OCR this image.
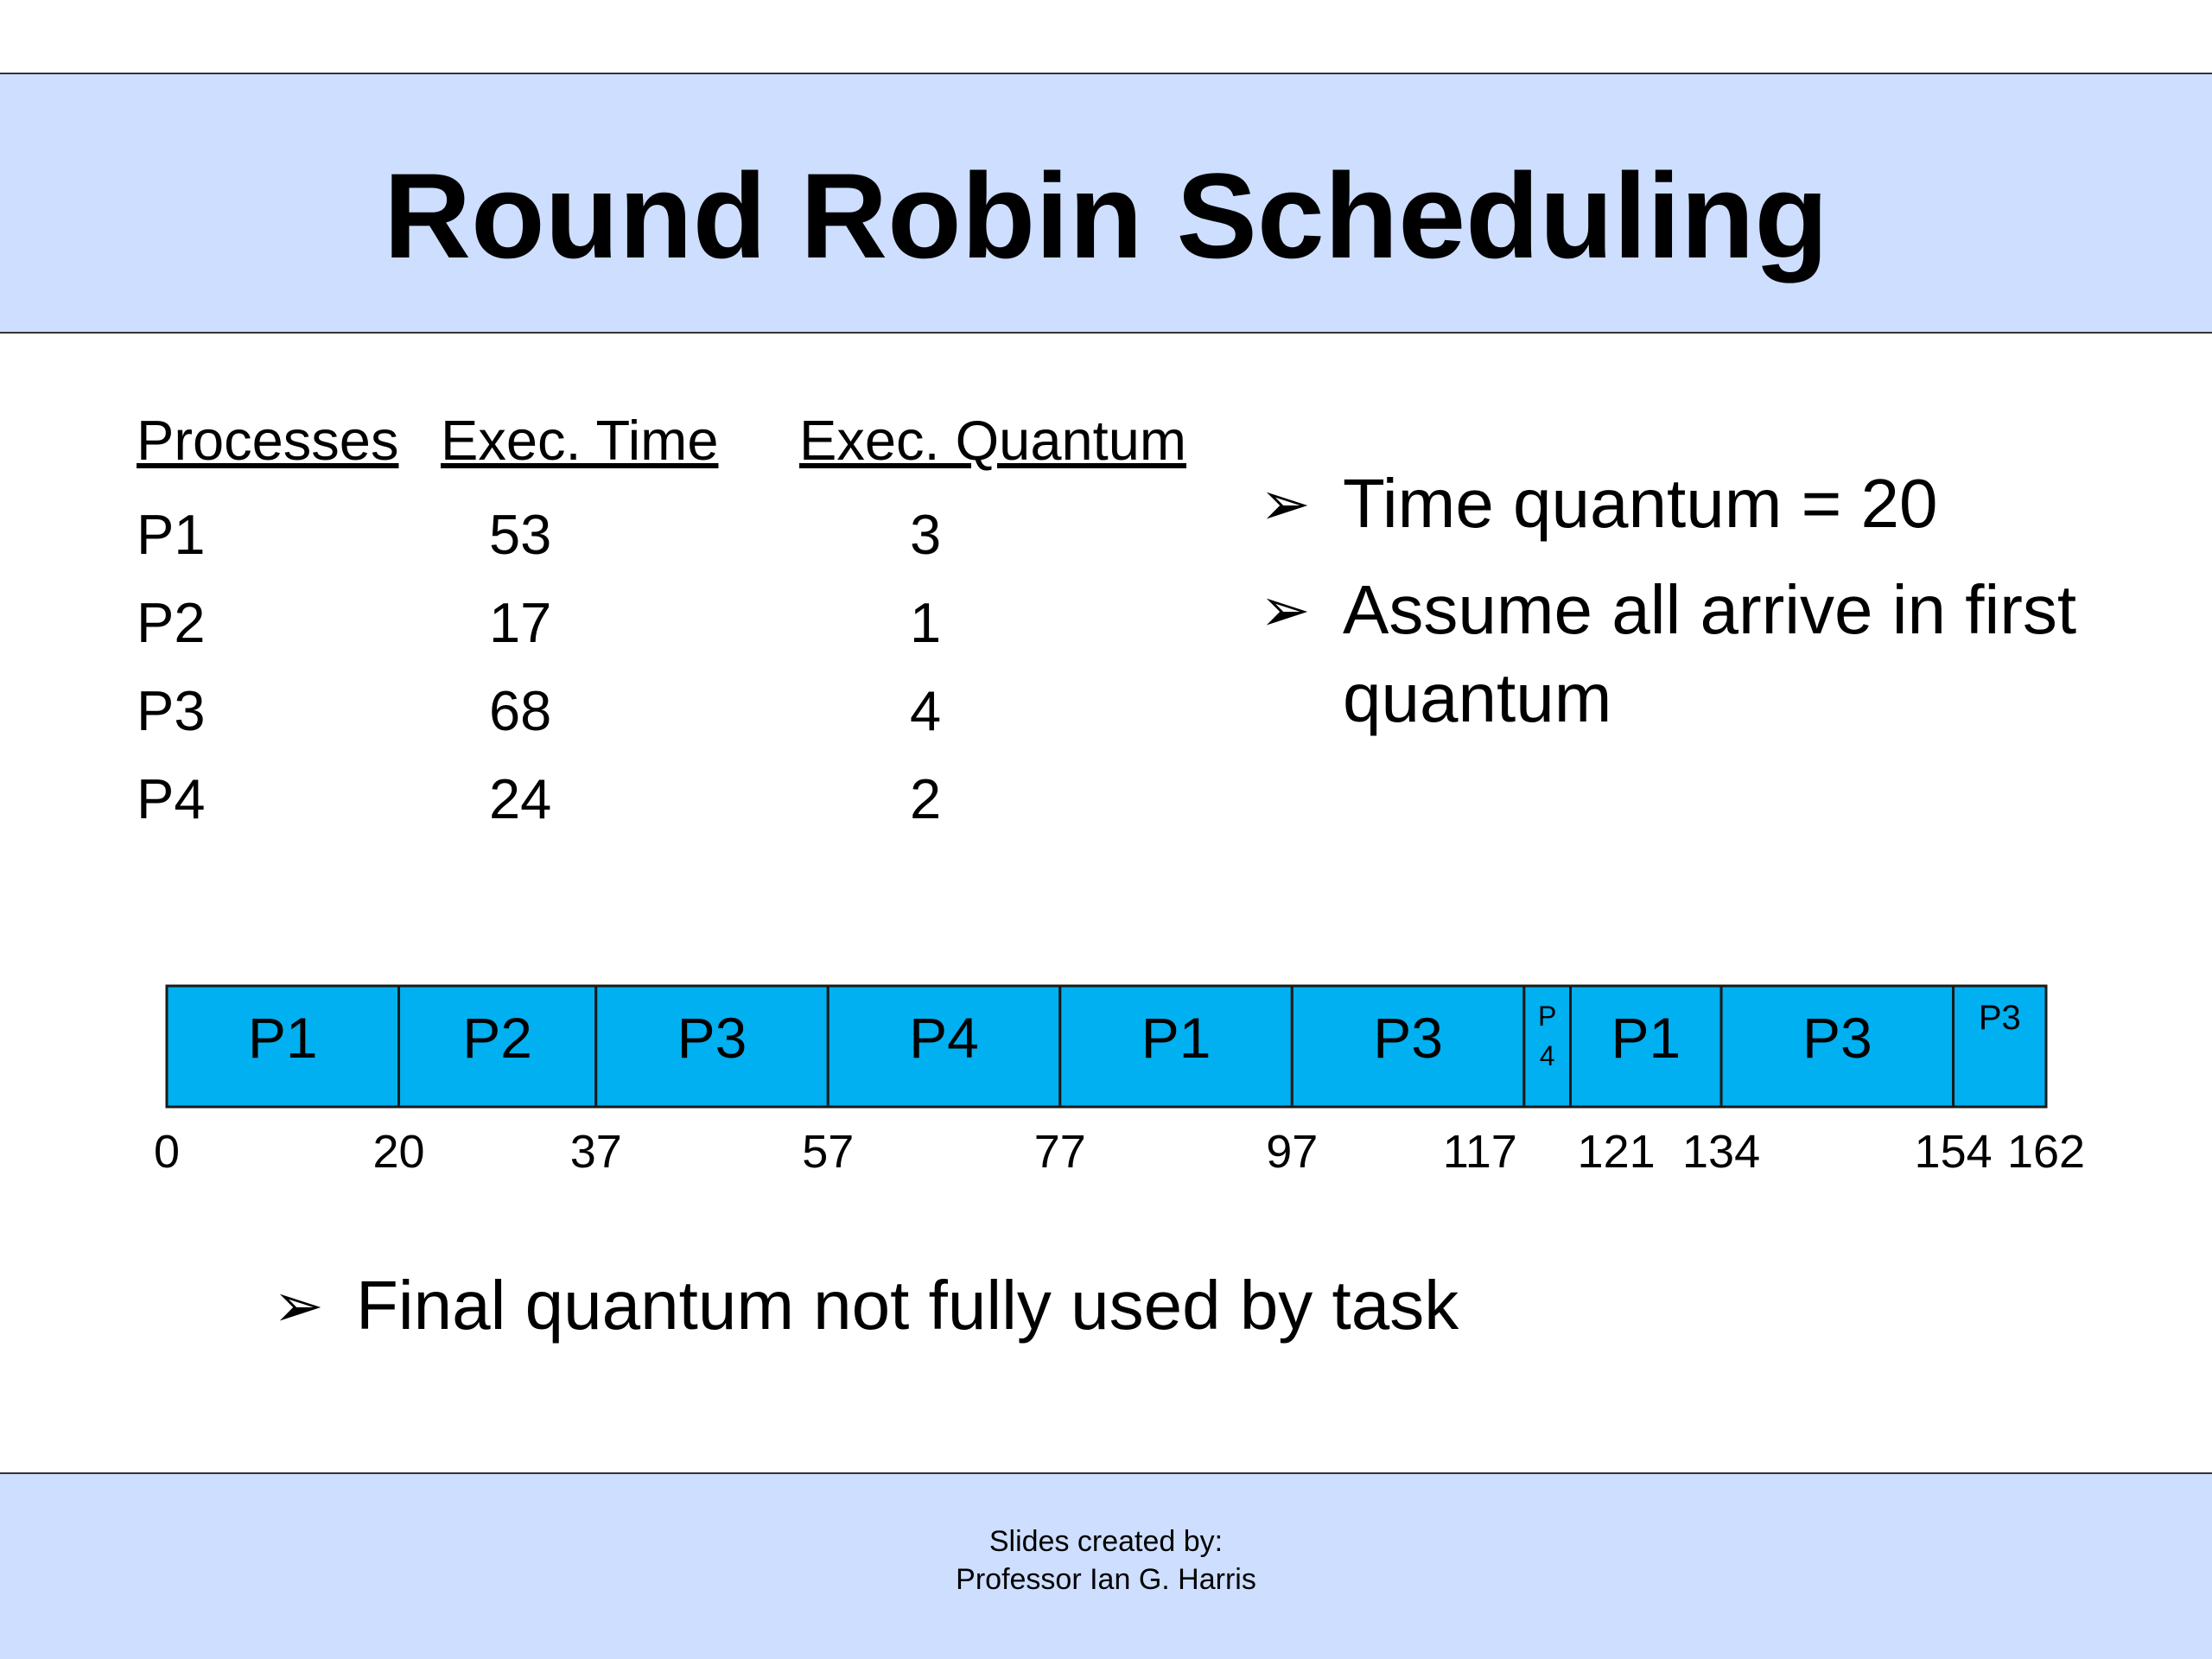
Round Robin Scheduling
Processes	Exec. Time	Exec. Quantum
P1	53	3
P2	17	1
P3	68	4
P4	24	2
➢ Time quantum = 20
➢ Assume all arrive in first quantum
P1	P2	P3	P4	P1	P3	P
4 P1 P3	P3
0	20	37	57	77	97	117 121 134	154 162
➢ Final quantum not fully used by task
Slides created by:
Professor Ian G. Harris
